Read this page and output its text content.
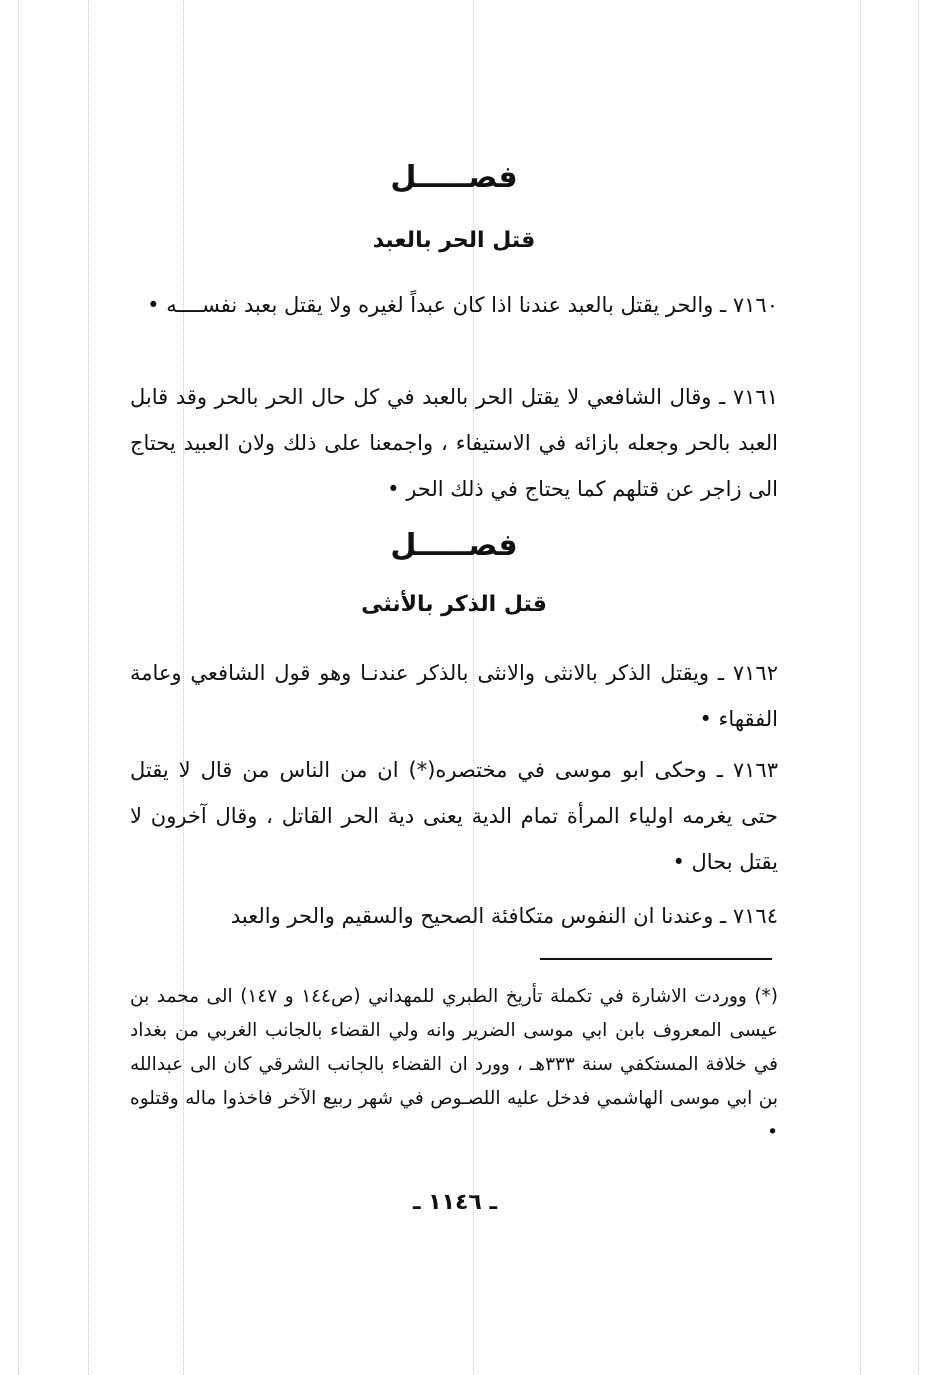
فصـــــل
قتل الحر بالعبد
٧١٦٠ ـ والحر يقتل بالعبد عندنا اذا كان عبداً لغيره ولا يقتل بعبد نفســــه •
٧١٦١ ـ وقال الشافعي لا يقتل الحر بالعبد في كل حال الحر بالحر وقد قابل العبد بالحر وجعله بازائه في الاستيفاء ، واجمعنا على ذلك ولان العبيد يحتاج الى زاجر عن قتلهم كما يحتاج في ذلك الحر •
فصـــــل
قتل الذكر بالأنثى
٧١٦٢ ـ ويقتل الذكر بالانثى والانثى بالذكر عندنـا وهو قول الشافعي وعامة الفقهاء •
٧١٦٣ ـ وحكى ابو موسى في مختصره(*) ان من الناس من قال لا يقتل حتى يغرمه اولياء المرأة تمام الدية يعنى دية الحر القاتل ، وقال آخرون لا يقتل بحال •
٧١٦٤ ـ وعندنا ان النفوس متكافئة الصحيح والسقيم والحر والعبد
(*) ووردت الاشارة في تكملة تأريخ الطبري للمهداني (ص١٤٤ و ١٤٧) الى محمد بن عيسى المعروف بابن ابي موسى الضرير وانه ولي القضاء بالجانب الغربي من بغداد في خلافة المستكفي سنة ٣٣٣هـ ، وورد ان القضاء بالجانب الشرقي كان الى عبدالله بن ابي موسى الهاشمي فدخل عليه اللصـوص في شهر ربيع الآخر فاخذوا ماله وقتلوه •
ـ ١١٤٦ ـ
